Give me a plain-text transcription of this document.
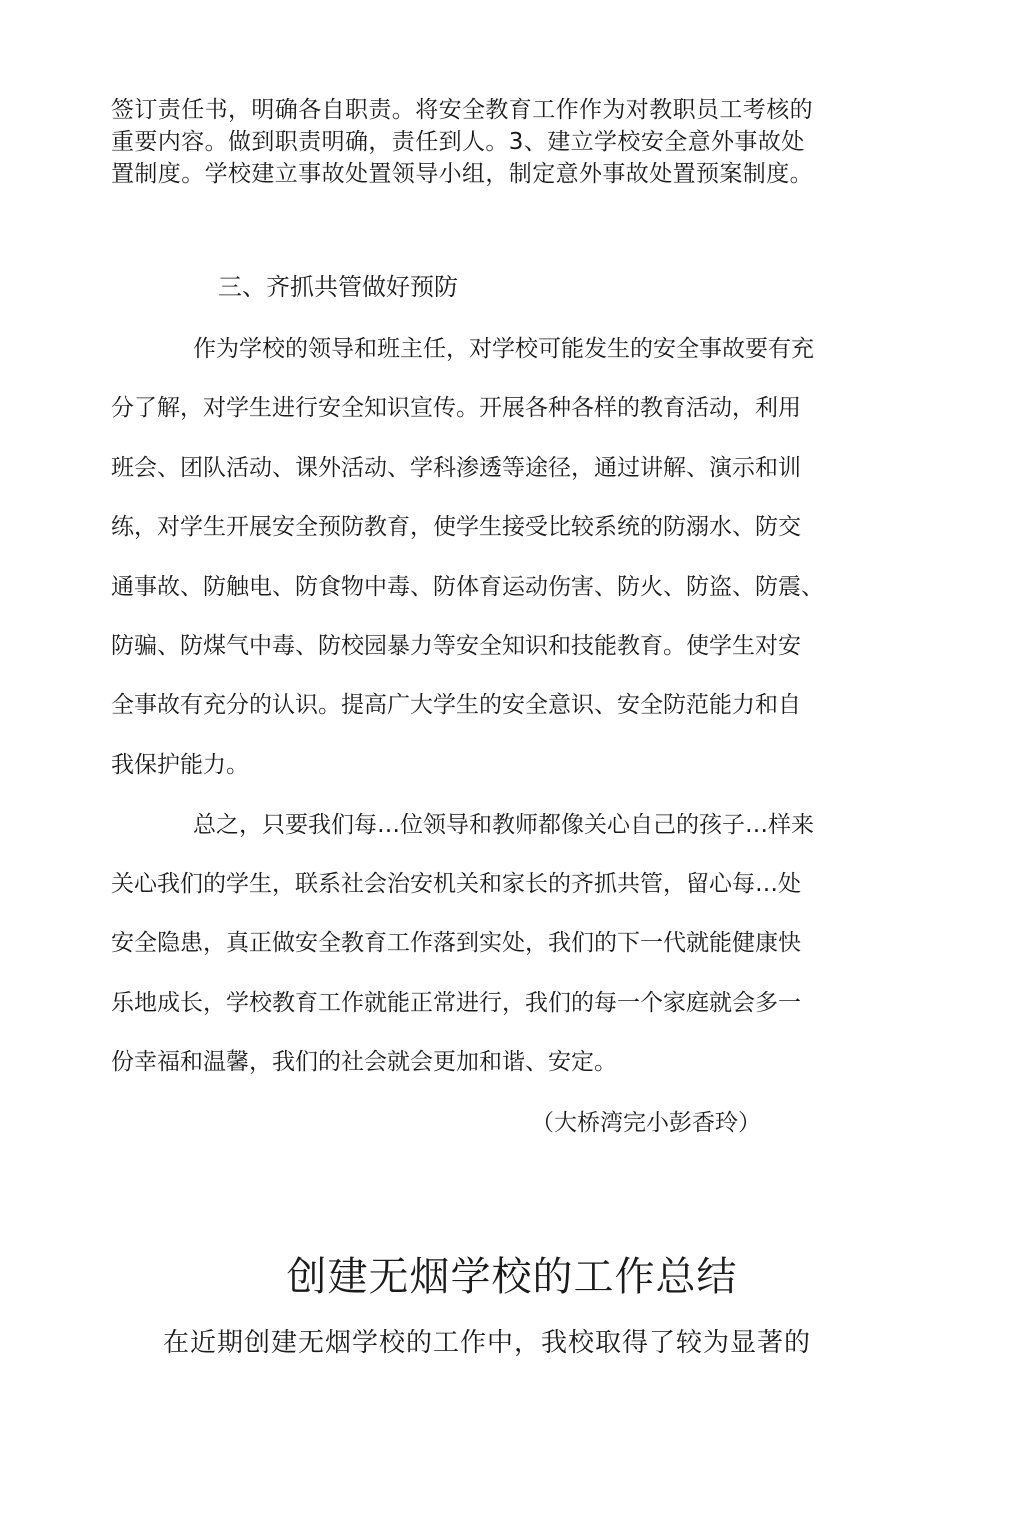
签订责任书，明确各自职责。将安全教育工作作为对教职员工考核的
重要内容。做到职责明确，责任到人。3、建立学校安全意外事故处
置制度。学校建立事故处置领导小组，制定意外事故处置预案制度。
三、齐抓共管做好预防
作为学校的领导和班主任，对学校可能发生的安全事故要有充
分了解，对学生进行安全知识宣传。开展各种各样的教育活动，利用
班会、团队活动、课外活动、学科渗透等途径，通过讲解、演示和训
练，对学生开展安全预防教育，使学生接受比较系统的防溺水、防交
通事故、防触电、防食物中毒、防体育运动伤害、防火、防盗、防震、
防骗、防煤气中毒、防校园暴力等安全知识和技能教育。使学生对安
全事故有充分的认识。提高广大学生的安全意识、安全防范能力和自
我保护能力。
总之，只要我们每…位领导和教师都像关心自己的孩子…样来
关心我们的学生，联系社会治安机关和家长的齐抓共管，留心每…处
安全隐患，真正做安全教育工作落到实处，我们的下一代就能健康快
乐地成长，学校教育工作就能正常进行，我们的每一个家庭就会多一
份幸福和温馨，我们的社会就会更加和谐、安定。
（大桥湾完小彭香玲）
创建无烟学校的工作总结
在近期创建无烟学校的工作中，我校取得了较为显著的
